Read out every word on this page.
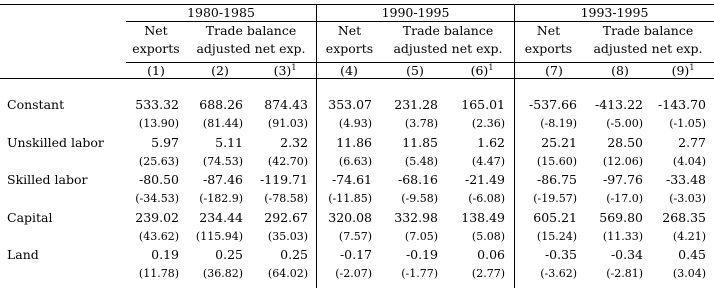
1980-1985	1990-1995	1993-1995
Net	Trade balance	Net	Trade balance	Net	Trade balance
exports	adjusted net exp.	exports	adjusted net exp.	exports	adjusted net exp.
(1)	(2)	$(3)^1$	(4)	(5)	$(6)^1$	(7)	(8)	$(9)^1$
Constant	533.32	688.26	874.43	353.07	231.28	165.01	-537.66	-413.22	-143.70
(13.90)	(81.44)	(91.03)	(4.93)	(3.78)	(2.36)	(-8.19)	(-5.00)	(-1.05)
Unskilled labor	5.97	5.11	2.32	11.86	11.85	1.62	25.21	28.50	2.77
(25.63)	(74.53)	(42.70)	(6.63)	(5.48)	(4.47)	(15.60)	(12.06)	(4.04)
Skilled labor	-80.50	-87.46	-119.71	-74.61	-68.16	-21.49	-86.75	-97.76	-33.48
(-34.53)	(-182.9)	(-78.58)	(-11.85)	(-9.58)	(-6.08)	(-19.57)	(-17.0)	(-3.03)
Capital	239.02	234.44	292.67	320.08	332.98	138.49	605.21	569.80	268.35
(43.62)	(115.94)	(35.03)	(7.57)	(7.05)	(5.08)	(15.24)	(11.33)	(4.21)
Land	0.19	0.25	0.25	-0.17	-0.19	0.06	-0.35	-0.34	0.45
(11.78)	(36.82)	(64.02)	(-2.07)	(-1.77)	(2.77)	(-3.62)	(-2.81)	(3.04)
